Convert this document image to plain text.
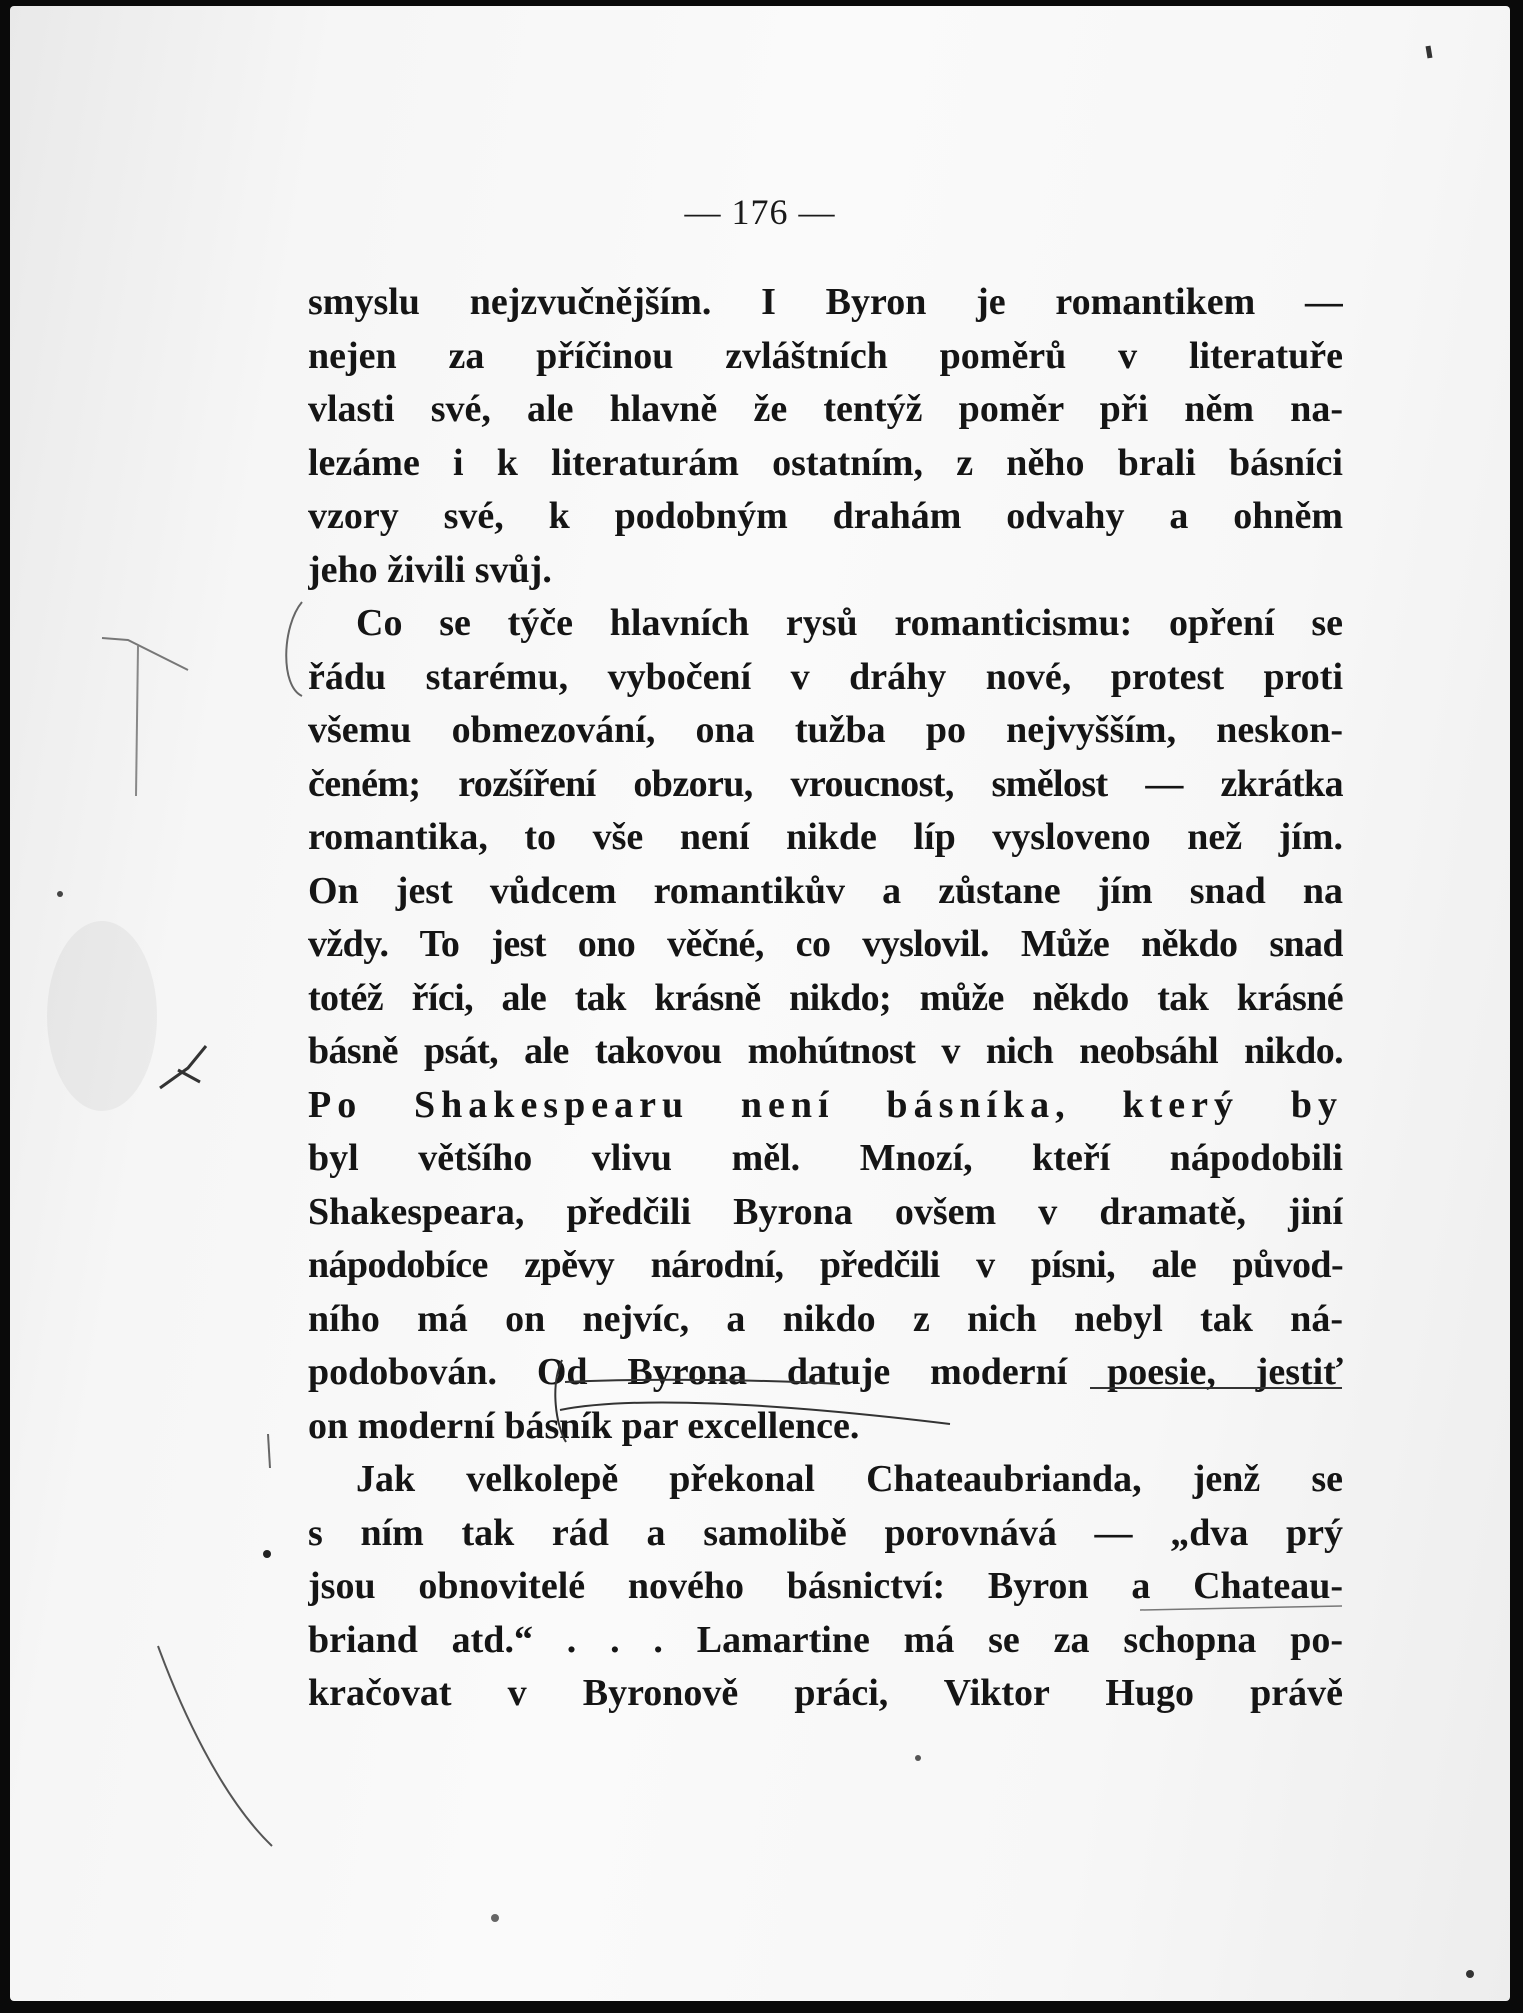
— 176 —
smyslu nejzvučnějším. I Byron je romantikem —
nejen za příčinou zvláštních poměrů v literatuře
vlasti své, ale hlavně že tentýž poměr při něm na-
lezáme i k literaturám ostatním, z něho brali básníci
vzory své, k podobným drahám odvahy a ohněm
jeho živili svůj.
Co se týče hlavních rysů romanticismu: opření se
řádu starému, vybočení v dráhy nové, protest proti
všemu obmezování, ona tužba po nejvyšším, neskon-
čeném; rozšíření obzoru, vroucnost, smělost — zkrátka
romantika, to vše není nikde líp vysloveno než jím.
On jest vůdcem romantikův a zůstane jím snad na
vždy. To jest ono věčné, co vyslovil. Může někdo snad
totéž říci, ale tak krásně nikdo; může někdo tak krásné
básně psát, ale takovou mohútnost v nich neobsáhl nikdo.
Po Shakespearu není básníka, který by
byl většího vlivu měl. Mnozí, kteří nápodobili
Shakespeara, předčili Byrona ovšem v dramatě, jiní
nápodobíce zpěvy národní, předčili v písni, ale původ-
ního má on nejvíc, a nikdo z nich nebyl tak ná-
podobován. Od Byrona datuje moderní poesie, jestiť
on moderní básník par excellence.
Jak velkolepě překonal Chateaubrianda, jenž se
s ním tak rád a samolibě porovnává — „dva prý
jsou obnovitelé nového básnictví: Byron a Chateau-
briand atd.“ . . . Lamartine má se za schopna po-
kračovat v Byronově práci, Viktor Hugo právě
